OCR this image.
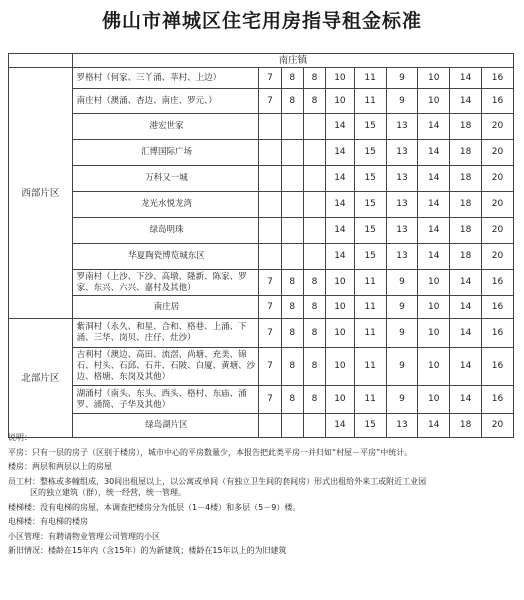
佛山市禅城区住宅用房指导租金标准
	南庄镇									
西部片区	罗格村（何家、三丫涌、莘村、上边）	7	8	8	10	11	9	10	14	16
	南庄村（澳涌、杏边、南庄、罗元、）	7	8	8	10	11	9	10	14	16
	港宏世家				14	15	13	14	18	20
	汇博国际广场				14	15	13	14	18	20
	万科又一城				14	15	13	14	18	20
	龙光水悦龙湾				14	15	13	14	18	20
	绿岛明珠				14	15	13	14	18	20
	华夏陶瓷博览城东区				14	15	13	14	18	20
	罗南村（上沙、下沙、高墩、隆新、陈家、罗家、东兴、六兴、嘉村及其他）	7	8	8	10	11	9	10	14	16
	南庄居	7	8	8	10	11	9	10	14	16
北部片区	紫洞村（永久、和星、合和、格巷、上涌、下涌、三华、岗贝、庄仔、灶沙）	7	8	8	10	11	9	10	14	16
	吉利村（澳边、高田、流滘、尚塘、充美、锦石、村头、石邱、石井、石陂、白厦、黄塘、沙边、格塘、东岗及其他）	7	8	8	10	11	9	10	14	16
	湖涌村（南头、东头、西头、格村、东庙、涌罗、涌简、子华及其他）	7	8	8	10	11	9	10	14	16
	绿岛湖片区				14	15	13	14	18	20

说明：

平房：只有一层的房子（区别于楼房），城市中心的平房数量少，本报告把此类平房一并归如“村屋－平房”中统计。

楼房：两层和两层以上的房屋

员工村：整栋或多幢组成，30间出租屋以上，以公寓或单间（有独立卫生间的套间房）形式出租给外来工或附近工业园

区的独立建筑（群），统一经营，统一管理。

楼梯楼：没有电梯的房屋，本调查把楼房分为低层（1－4楼）和多层（5－9）楼。

电梯楼：有电梯的楼房

小区管理：有聘请物业管理公司管理的小区

新旧情况：楼龄在15年内（含15年）的为新建筑；楼龄在15年以上的为旧建筑
